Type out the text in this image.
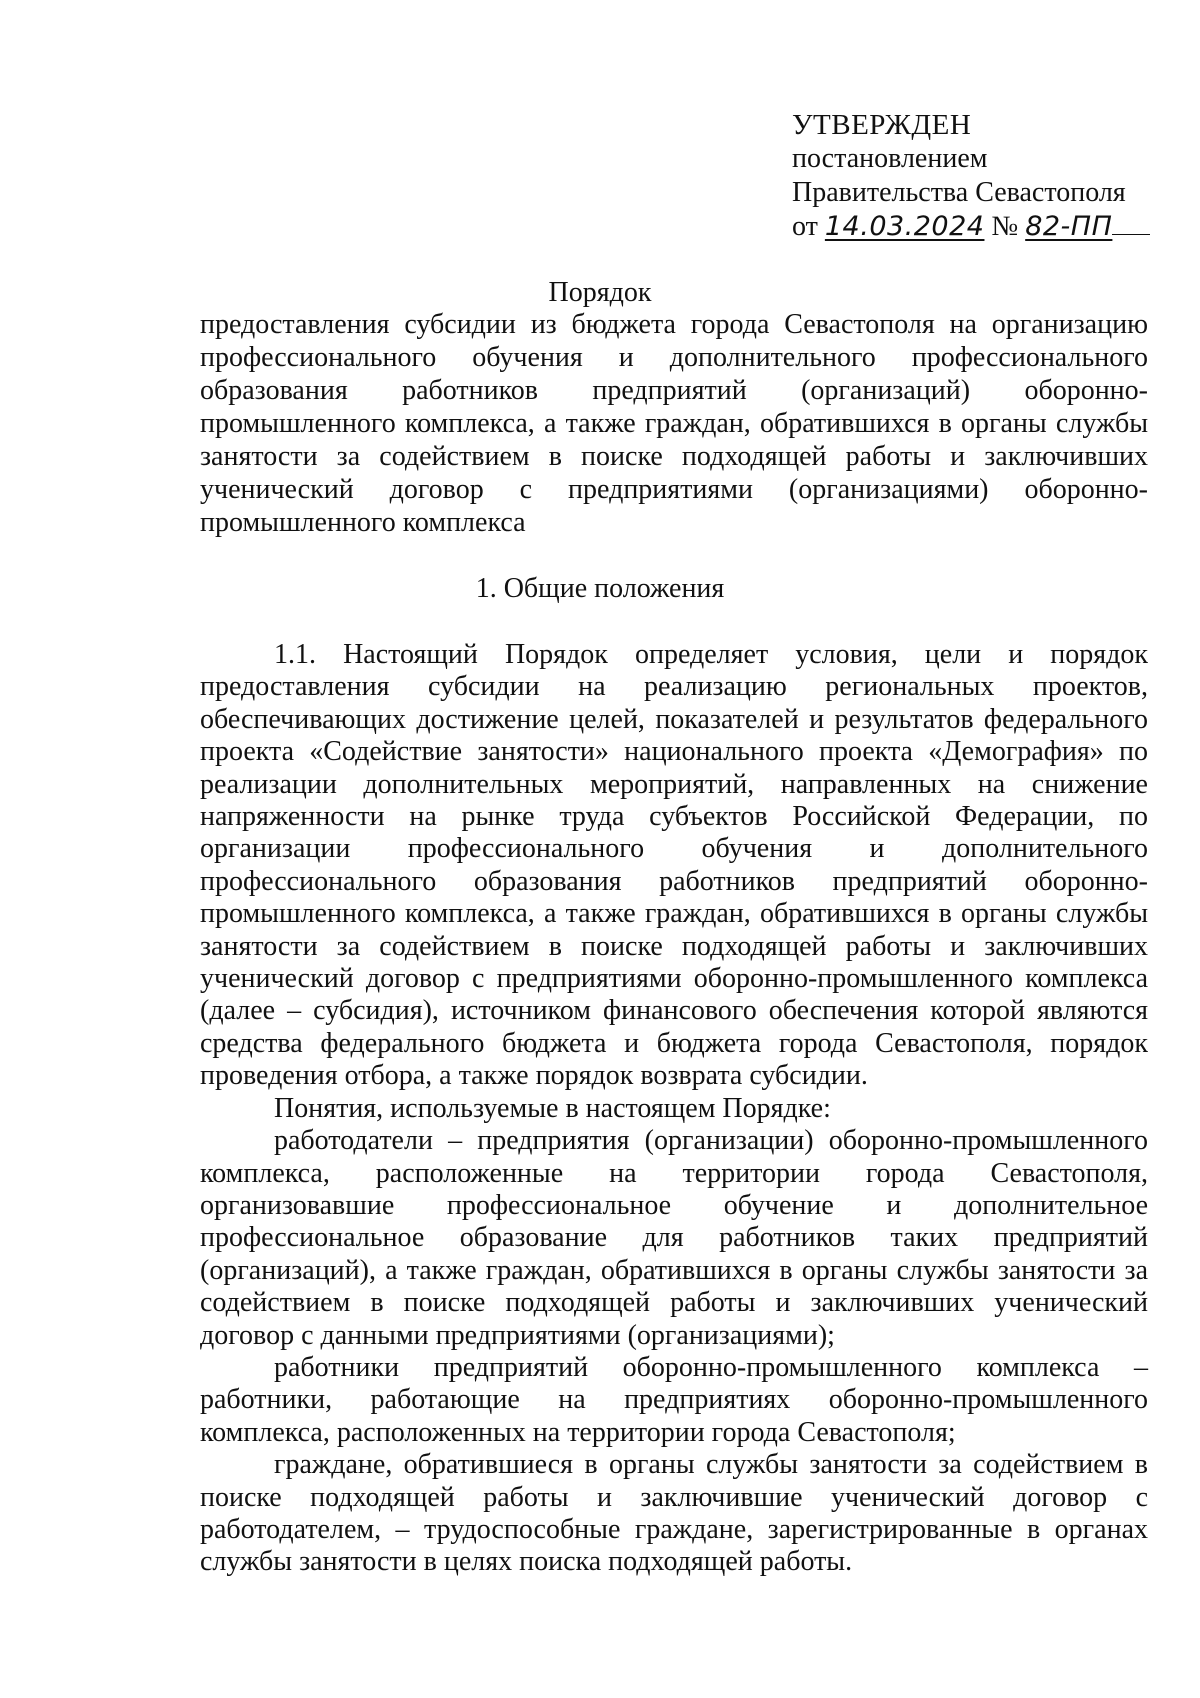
УТВЕРЖДЕН
постановлением
Правительства Севастополя
от 14.03.2024 № 82-ПП
Порядок
предоставления субсидии из бюджета города Севастополя на организацию профессионального обучения и дополнительного профессионального образования работников предприятий (организаций) оборонно-промышленного комплекса, а также граждан, обратившихся в органы службы занятости за содействием в поиске подходящей работы и заключивших ученический договор с предприятиями (организациями) оборонно-промышленного комплекса
1. Общие положения

1.1. Настоящий Порядок определяет условия, цели и порядок предоставления субсидии на реализацию региональных проектов, обеспечивающих достижение целей, показателей и результатов федерального проекта «Содействие занятости» национального проекта «Демография» по реализации дополнительных мероприятий, направленных на снижение напряженности на рынке труда субъектов Российской Федерации, по организации профессионального обучения и дополнительного профессионального образования работников предприятий оборонно-промышленного комплекса, а также граждан, обратившихся в органы службы занятости за содействием в поиске подходящей работы и заключивших ученический договор с предприятиями оборонно-промышленного комплекса (далее – субсидия), источником финансового обеспечения которой являются средства федерального бюджета и бюджета города Севастополя, порядок проведения отбора, а также порядок возврата субсидии.

Понятия, используемые в настоящем Порядке:

работодатели – предприятия (организации) оборонно-промышленного комплекса, расположенные на территории города Севастополя, организовавшие профессиональное обучение и дополнительное профессиональное образование для работников таких предприятий (организаций), а также граждан, обратившихся в органы службы занятости за содействием в поиске подходящей работы и заключивших ученический договор с данными предприятиями (организациями);

работники предприятий оборонно-промышленного комплекса – работники, работающие на предприятиях оборонно-промышленного комплекса, расположенных на территории города Севастополя;

граждане, обратившиеся в органы службы занятости за содействием в поиске подходящей работы и заключившие ученический договор с работодателем, – трудоспособные граждане, зарегистрированные в органах службы занятости в целях поиска подходящей работы.
